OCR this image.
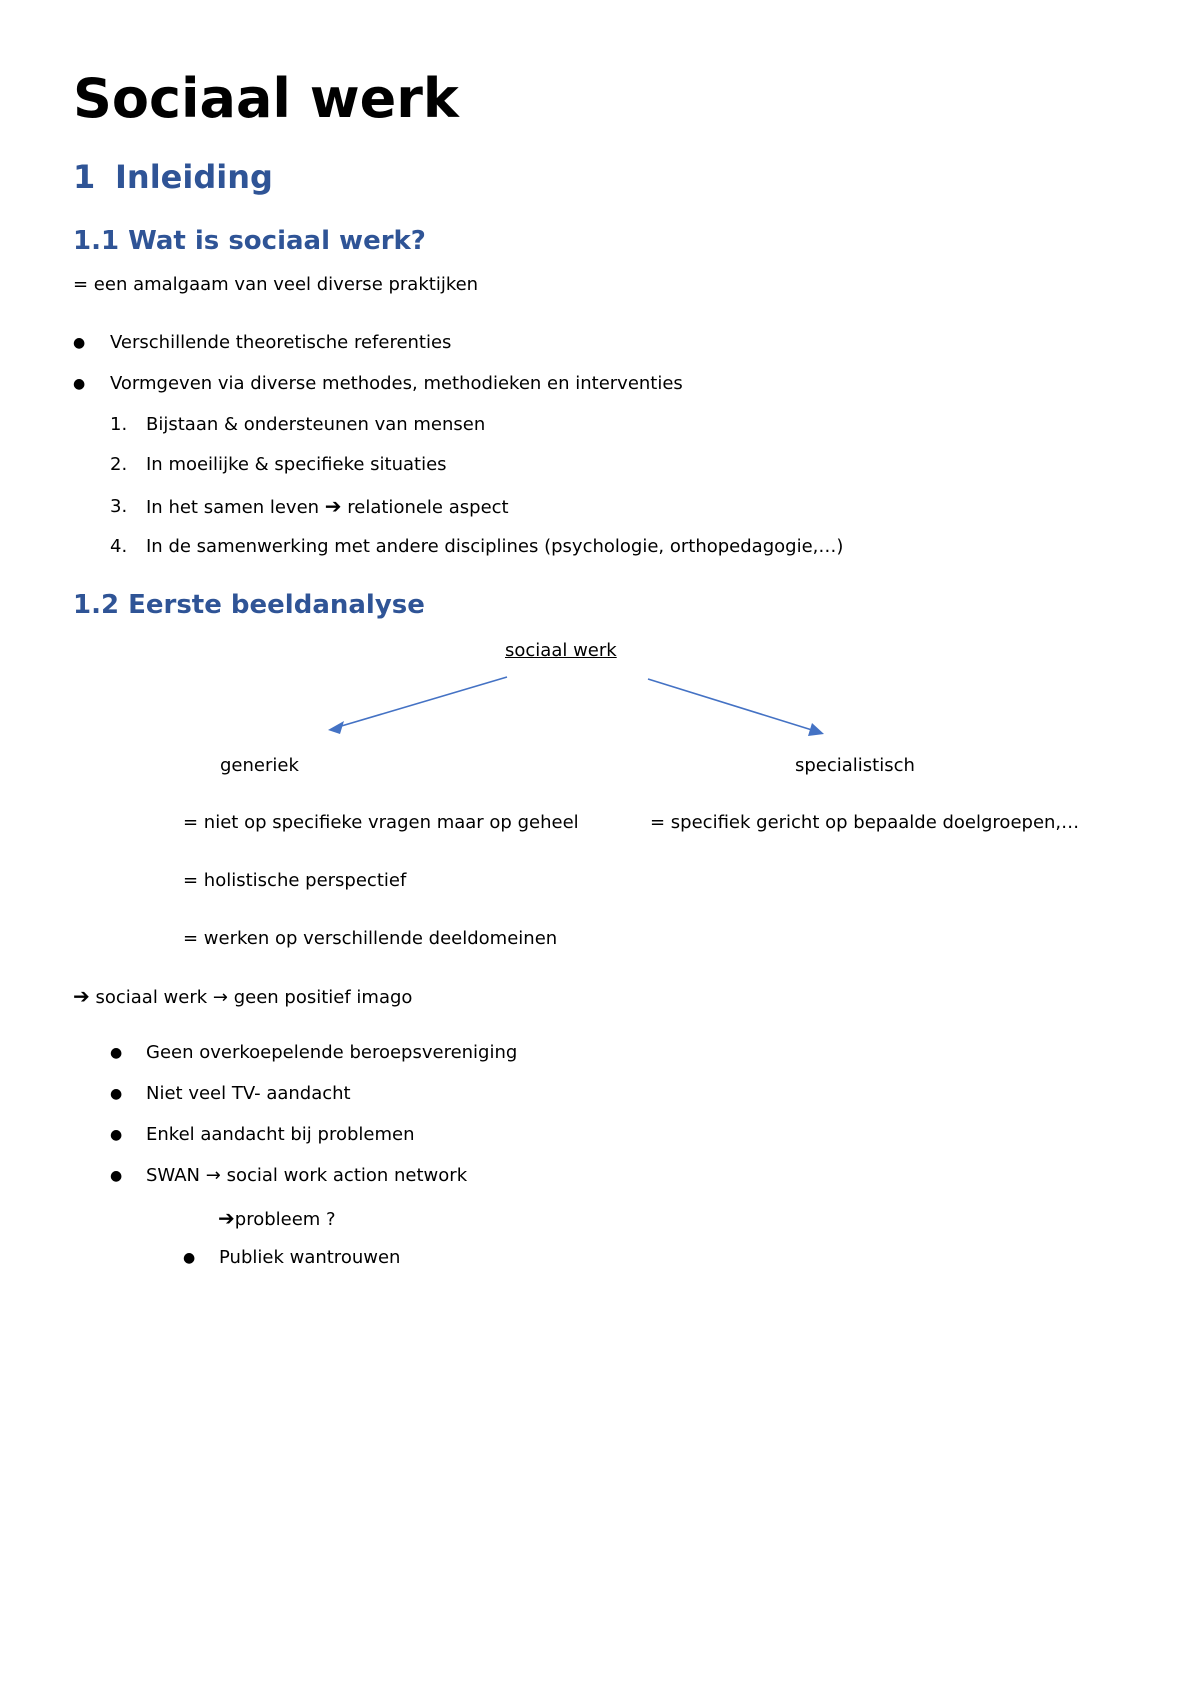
Sociaal werk
1 Inleiding
1.1 Wat is sociaal werk?
= een amalgaam van veel diverse praktijken
● Verschillende theoretische referenties
● Vormgeven via diverse methodes, methodieken en interventies
1. Bijstaan & ondersteunen van mensen
2. In moeilijke & specifieke situaties
3. In het samen leven ➔ relationele aspect
4. In de samenwerking met andere disciplines (psychologie, orthopedagogie,…)
1.2 Eerste beeldanalyse
sociaal werk
generiek	specialistisch
= niet op specifieke vragen maar op geheel	= specifiek gericht op bepaalde doelgroepen,…
= holistische perspectief
= werken op verschillende deeldomeinen
➔ sociaal werk → geen positief imago
● Geen overkoepelende beroepsvereniging
● Niet veel TV- aandacht
● Enkel aandacht bij problemen
● SWAN → social work action network
➔probleem ?
● Publiek wantrouwen
